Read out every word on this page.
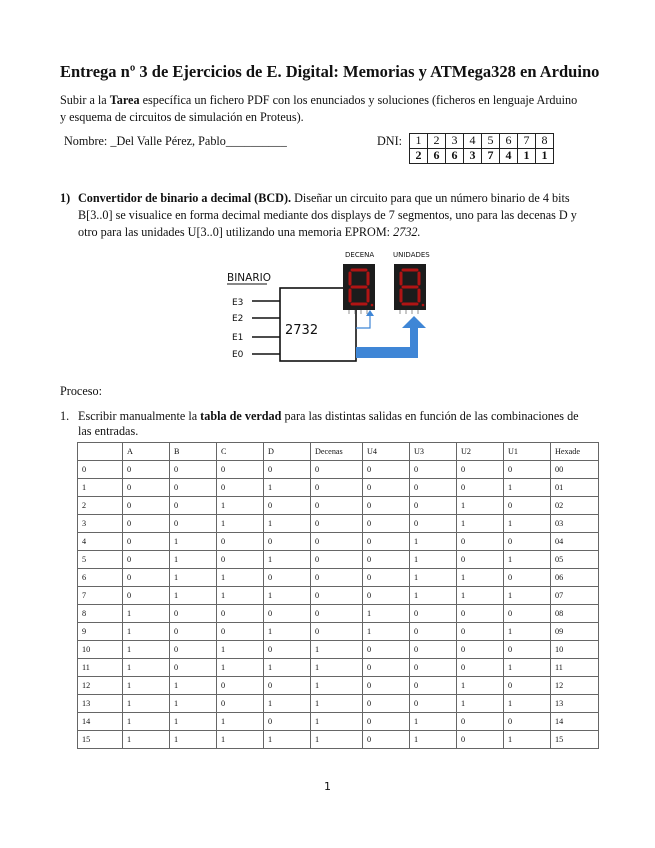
Entrega nº 3 de Ejercicios de E. Digital: Memorias y ATMega328 en Arduino
Subir a la Tarea específica un fichero PDF con los enunciados y soluciones (ficheros en lenguaje Arduino y esquema de circuitos de simulación en Proteus).
Nombre: _Del Valle Pérez, Pablo__________	DNI: 1	2	3	4	5	6	7	8
2	6	6	3	7	4	1	1
1) Convertidor de binario a decimal (BCD). Diseñar un circuito para que un número binario de 4 bits B[3..0] se visualice en forma decimal mediante dos displays de 7 segmentos, uno para las decenas D y otro para las unidades U[3..0] utilizando una memoria EPROM: 2732.
BINARIO
2732
E3
E2
E1
E0
DECENA	UNIDADES
Proceso:
1. Escribir manualmente la tabla de verdad para las distintas salidas en función de las combinaciones de las entradas.
	A	B	C	D	Decenas	U4	U3	U2	U1	Hexade
0	0	0	0	0	0	0	0	0	0	00
1	0	0	0	1	0	0	0	0	1	01
2	0	0	1	0	0	0	0	1	0	02
3	0	0	1	1	0	0	0	1	1	03
4	0	1	0	0	0	0	1	0	0	04
5	0	1	0	1	0	0	1	0	1	05
6	0	1	1	0	0	0	1	1	0	06
7	0	1	1	1	0	0	1	1	1	07
8	1	0	0	0	0	1	0	0	0	08
9	1	0	0	1	0	1	0	0	1	09
10	1	0	1	0	1	0	0	0	0	10
11	1	0	1	1	1	0	0	0	1	11
12	1	1	0	0	1	0	0	1	0	12
13	1	1	0	1	1	0	0	1	1	13
14	1	1	1	0	1	0	1	0	0	14
15	1	1	1	1	1	0	1	0	1	15
1
